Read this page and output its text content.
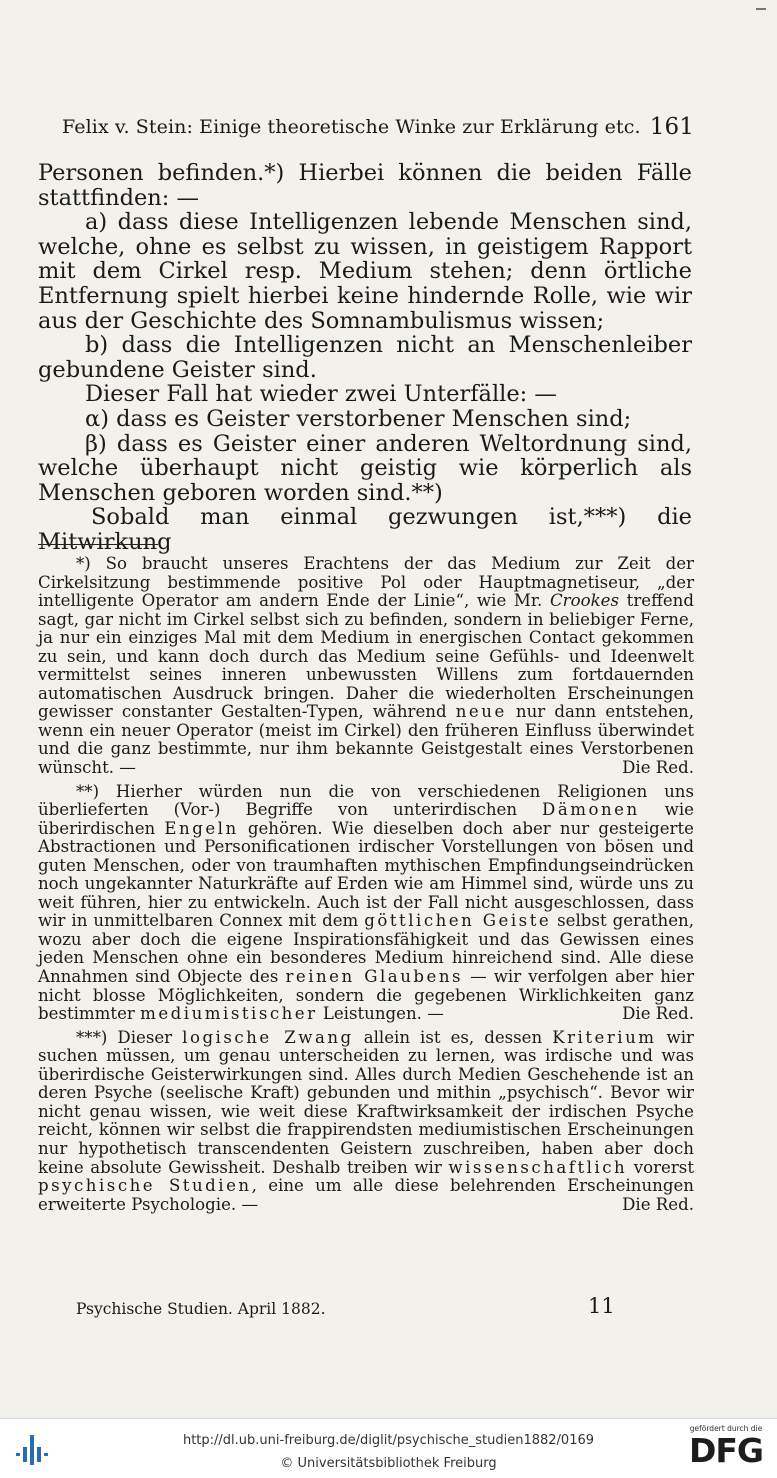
Felix v. Stein: Einige theoretische Winke zur Erklärung etc. 161

Personen befinden.*) Hierbei können die beiden Fälle stattfinden: —

a) dass diese Intelligenzen lebende Menschen sind, welche, ohne es selbst zu wissen, in geistigem Rapport mit dem Cirkel resp. Medium stehen; denn örtliche Entfernung spielt hierbei keine hindernde Rolle, wie wir aus der Geschichte des Somnambulismus wissen;

b) dass die Intelligenzen nicht an Menschenleiber gebundene Geister sind.

Dieser Fall hat wieder zwei Unterfälle: —

α) dass es Geister verstorbener Menschen sind;

β) dass es Geister einer anderen Weltordnung sind, welche überhaupt nicht geistig wie körperlich als Menschen geboren worden sind.**)

Sobald man einmal gezwungen ist,***) die Mitwirkung

*) So braucht unseres Erachtens der das Medium zur Zeit der Cirkelsitzung bestimmende positive Pol oder Hauptmagnetiseur, „der intelligente Operator am andern Ende der Linie“, wie Mr. Crookes treffend sagt, gar nicht im Cirkel selbst sich zu befinden, sondern in beliebiger Ferne, ja nur ein einziges Mal mit dem Medium in energischen Contact gekommen zu sein, und kann doch durch das Medium seine Gefühls- und Ideenwelt vermittelst seines inneren unbewussten Willens zum fortdauernden automatischen Ausdruck bringen. Daher die wiederholten Erscheinungen gewisser constanter Gestalten-Typen, während neue nur dann entstehen, wenn ein neuer Operator (meist im Cirkel) den früheren Einfluss überwindet und die ganz bestimmte, nur ihm bekannte Geistgestalt eines Verstorbenen wünscht. —	Die Red.

**) Hierher würden nun die von verschiedenen Religionen uns überlieferten (Vor-) Begriffe von unterirdischen Dämonen wie überirdischen Engeln gehören. Wie dieselben doch aber nur gesteigerte Abstractionen und Personificationen irdischer Vorstellungen von bösen und guten Menschen, oder von traumhaften mythischen Empfindungseindrücken noch ungekannter Naturkräfte auf Erden wie am Himmel sind, würde uns zu weit führen, hier zu entwickeln. Auch ist der Fall nicht ausgeschlossen, dass wir in unmittelbaren Connex mit dem göttlichen Geiste selbst gerathen, wozu aber doch die eigene Inspirationsfähigkeit und das Gewissen eines jeden Menschen ohne ein besonderes Medium hinreichend sind. Alle diese Annahmen sind Objecte des reinen Glaubens — wir verfolgen aber hier nicht blosse Möglichkeiten, sondern die gegebenen Wirklichkeiten ganz bestimmter mediumistischer Leistungen. —	Die Red.

***) Dieser logische Zwang allein ist es, dessen Kriterium wir suchen müssen, um genau unterscheiden zu lernen, was irdische und was überirdische Geisterwirkungen sind. Alles durch Medien Geschehende ist an deren Psyche (seelische Kraft) gebunden und mithin „psychisch“. Bevor wir nicht genau wissen, wie weit diese Kraftwirksamkeit der irdischen Psyche reicht, können wir selbst die frappirendsten mediumistischen Erscheinungen nur hypothetisch transcendenten Geistern zuschreiben, haben aber doch keine absolute Gewissheit. Deshalb treiben wir wissenschaftlich vorerst psychische Studien, eine um alle diese belehrenden Erscheinungen erweiterte Psychologie. —	Die Red.

Psychische Studien. April 1882.	11
http://dl.ub.uni-freiburg.de/diglit/psychische_studien1882/0169
© Universitätsbibliothek Freiburg
gefördert durch die
DFG
